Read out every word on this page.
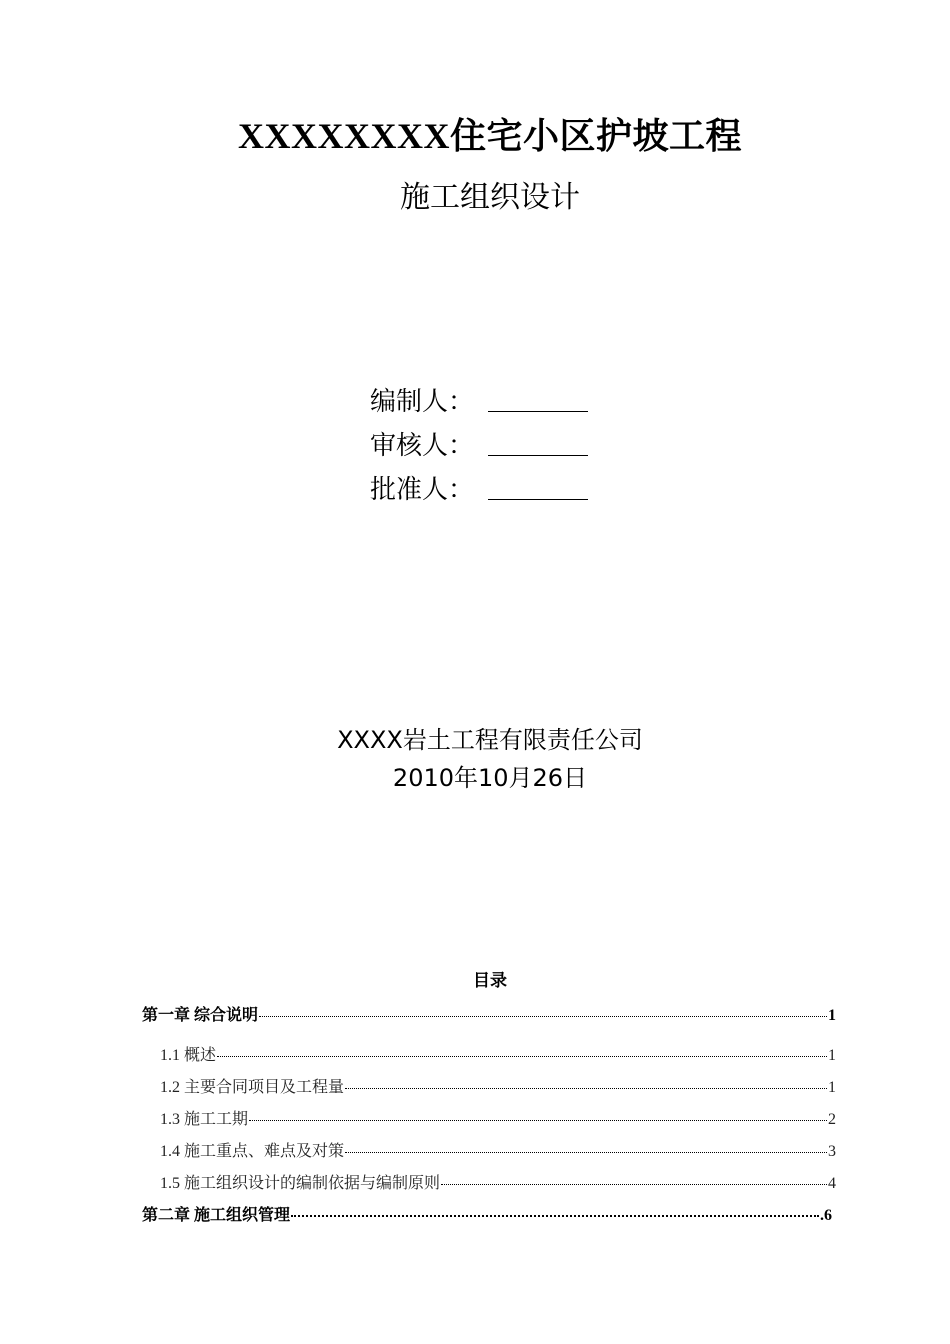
XXXXXXXX住宅小区护坡工程
施工组织设计
编制人：
审核人：
批准人：
XXXX岩土工程有限责任公司
2010年10月26日
目录
第一章 综合说明	1
1.1 概述	1
1.2 主要合同项目及工程量	1
1.3 施工工期	2
1.4 施工重点、难点及对策	3
1.5 施工组织设计的编制依据与编制原则	4
第二章 施工组织管理	.6
